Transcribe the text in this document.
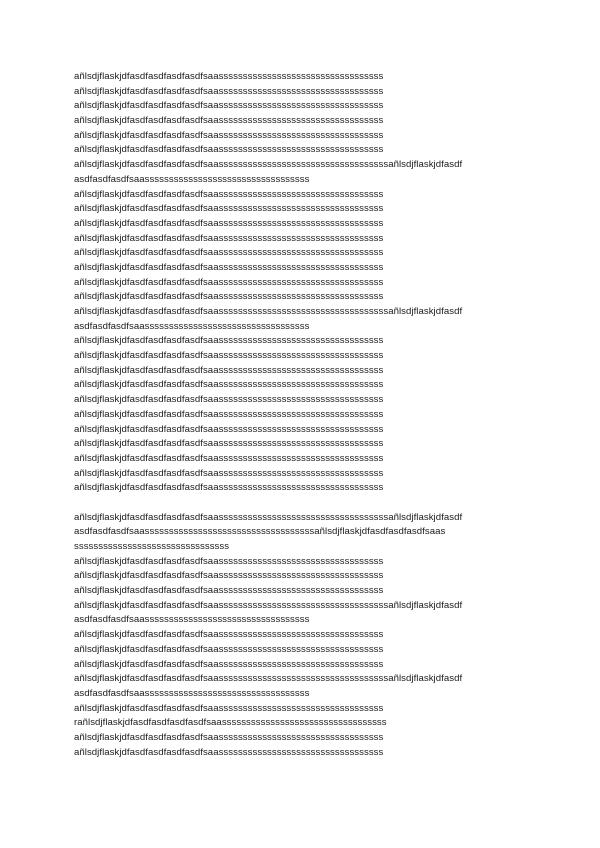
añlsdjflaskjdfasdfasdfasdfasdfsaassssssssssssssssssssssssssssssssss
añlsdjflaskjdfasdfasdfasdfasdfsaassssssssssssssssssssssssssssssssss
añlsdjflaskjdfasdfasdfasdfasdfsaassssssssssssssssssssssssssssssssss
añlsdjflaskjdfasdfasdfasdfasdfsaassssssssssssssssssssssssssssssssss
añlsdjflaskjdfasdfasdfasdfasdfsaassssssssssssssssssssssssssssssssss
añlsdjflaskjdfasdfasdfasdfasdfsaassssssssssssssssssssssssssssssssss
añlsdjflaskjdfasdfasdfasdfasdfsaasssssssssssssssssssssssssssssssssssañlsdjflaskjdfasdf
asdfasdfasdfsaassssssssssssssssssssssssssssssssss
añlsdjflaskjdfasdfasdfasdfasdfsaassssssssssssssssssssssssssssssssss
añlsdjflaskjdfasdfasdfasdfasdfsaassssssssssssssssssssssssssssssssss
añlsdjflaskjdfasdfasdfasdfasdfsaassssssssssssssssssssssssssssssssss
añlsdjflaskjdfasdfasdfasdfasdfsaassssssssssssssssssssssssssssssssss
añlsdjflaskjdfasdfasdfasdfasdfsaassssssssssssssssssssssssssssssssss
añlsdjflaskjdfasdfasdfasdfasdfsaassssssssssssssssssssssssssssssssss
añlsdjflaskjdfasdfasdfasdfasdfsaassssssssssssssssssssssssssssssssss
añlsdjflaskjdfasdfasdfasdfasdfsaassssssssssssssssssssssssssssssssss
añlsdjflaskjdfasdfasdfasdfasdfsaasssssssssssssssssssssssssssssssssssañlsdjflaskjdfasdf
asdfasdfasdfsaassssssssssssssssssssssssssssssssss
añlsdjflaskjdfasdfasdfasdfasdfsaassssssssssssssssssssssssssssssssss
añlsdjflaskjdfasdfasdfasdfasdfsaassssssssssssssssssssssssssssssssss
añlsdjflaskjdfasdfasdfasdfasdfsaassssssssssssssssssssssssssssssssss
añlsdjflaskjdfasdfasdfasdfasdfsaassssssssssssssssssssssssssssssssss
añlsdjflaskjdfasdfasdfasdfasdfsaassssssssssssssssssssssssssssssssss
añlsdjflaskjdfasdfasdfasdfasdfsaassssssssssssssssssssssssssssssssss
añlsdjflaskjdfasdfasdfasdfasdfsaassssssssssssssssssssssssssssssssss
añlsdjflaskjdfasdfasdfasdfasdfsaassssssssssssssssssssssssssssssssss
añlsdjflaskjdfasdfasdfasdfasdfsaassssssssssssssssssssssssssssssssss
añlsdjflaskjdfasdfasdfasdfasdfsaassssssssssssssssssssssssssssssssss
añlsdjflaskjdfasdfasdfasdfasdfsaassssssssssssssssssssssssssssssssss
añlsdjflaskjdfasdfasdfasdfasdfsaasssssssssssssssssssssssssssssssssssañlsdjflaskjdfasdf
asdfasdfasdfsaasssssssssssssssssssssssssssssssssssañlsdjflaskjdfasdfasdfasdfsaas
ssssssssssssssssssssssssssssssss
añlsdjflaskjdfasdfasdfasdfasdfsaassssssssssssssssssssssssssssssssss
añlsdjflaskjdfasdfasdfasdfasdfsaassssssssssssssssssssssssssssssssss
añlsdjflaskjdfasdfasdfasdfasdfsaassssssssssssssssssssssssssssssssss
añlsdjflaskjdfasdfasdfasdfasdfsaasssssssssssssssssssssssssssssssssssañlsdjflaskjdfasdf
asdfasdfasdfsaassssssssssssssssssssssssssssssssss
añlsdjflaskjdfasdfasdfasdfasdfsaassssssssssssssssssssssssssssssssss
añlsdjflaskjdfasdfasdfasdfasdfsaassssssssssssssssssssssssssssssssss
añlsdjflaskjdfasdfasdfasdfasdfsaassssssssssssssssssssssssssssssssss
añlsdjflaskjdfasdfasdfasdfasdfsaasssssssssssssssssssssssssssssssssssañlsdjflaskjdfasdf
asdfasdfasdfsaassssssssssssssssssssssssssssssssss
añlsdjflaskjdfasdfasdfasdfasdfsaassssssssssssssssssssssssssssssssss
rañlsdjflaskjdfasdfasdfasdfasdfsaassssssssssssssssssssssssssssssssss
añlsdjflaskjdfasdfasdfasdfasdfsaassssssssssssssssssssssssssssssssss
añlsdjflaskjdfasdfasdfasdfasdfsaassssssssssssssssssssssssssssssssss
